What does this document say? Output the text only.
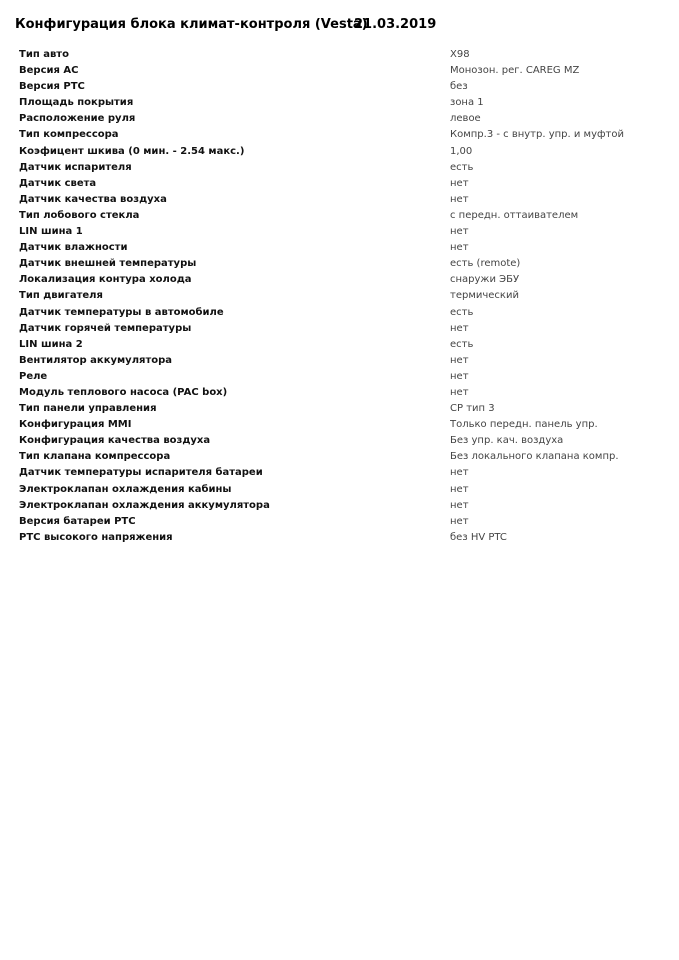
Конфигурация блока климат-контроля (Vesta)
21.03.2019
Тип авто	X98
Версия AC	Монозон. рег. CAREG MZ
Версия PTC	без
Площадь покрытия	зона 1
Расположение руля	левое
Тип компрессора	Компр.3 - с внутр. упр. и муфтой
Коэфицент шкива (0 мин. - 2.54 макс.)	1,00
Датчик испарителя	есть
Датчик света	нет
Датчик качества воздуха	нет
Тип лобового стекла	с передн. оттаивателем
LIN шина 1	нет
Датчик влажности	нет
Датчик внешней температуры	есть (remote)
Локализация контура холода	снаружи ЭБУ
Тип двигателя	термический
Датчик температуры в автомобиле	есть
Датчик горячей температуры	нет
LIN шина 2	есть
Вентилятор аккумулятора	нет
Реле	нет
Модуль теплового насоса (PAC box)	нет
Тип панели управления	CP тип 3
Конфигурация MMI	Только передн. панель упр.
Конфигурация качества воздуха	Без упр. кач. воздуха
Тип клапана компрессора	Без локального клапана компр.
Датчик температуры испарителя батареи	нет
Электроклапан охлаждения кабины	нет
Электроклапан охлаждения аккумулятора	нет
Версия батареи PTC	нет
PTC высокого напряжения	без HV PTC
